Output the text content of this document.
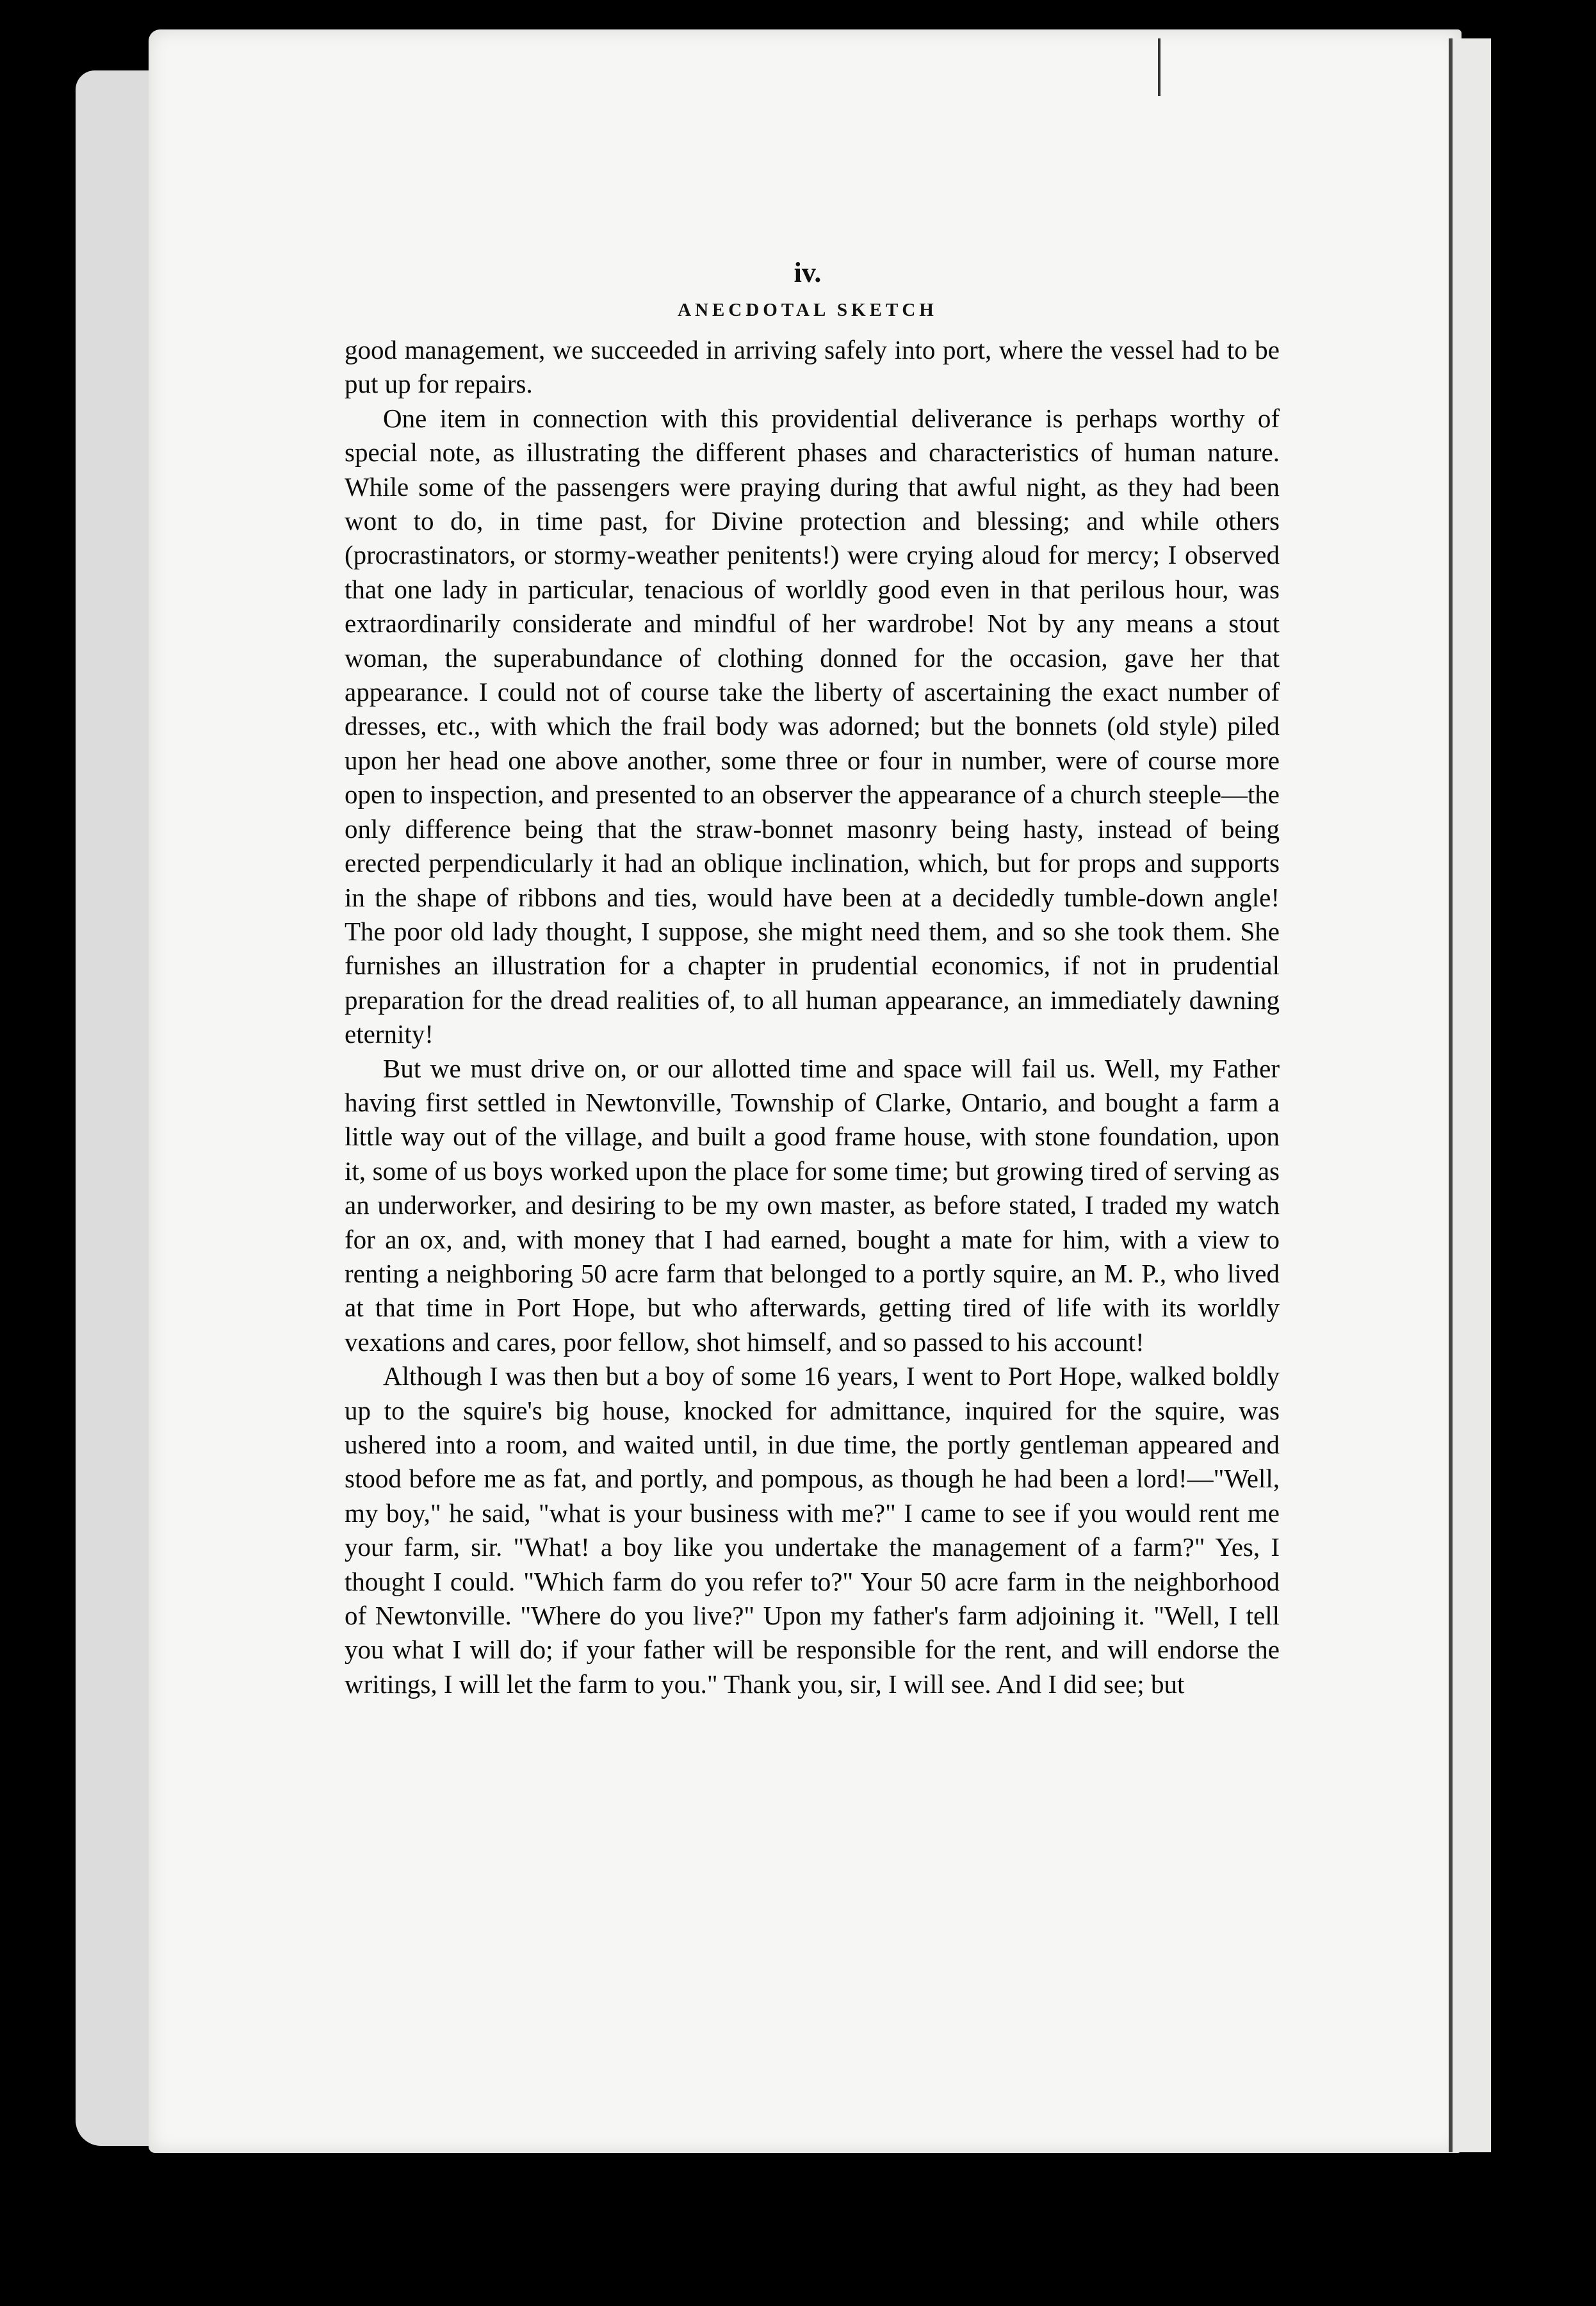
iv.
ANECDOTAL SKETCH

good management, we succeeded in arriving safely into port, where the vessel had to be put up for repairs.

One item in connection with this providential deliverance is perhaps worthy of special note, as illustrating the different phases and characteristics of human nature. While some of the passengers were praying during that awful night, as they had been wont to do, in time past, for Divine protection and blessing; and while others (procrastinators, or stormy-weather penitents!) were crying aloud for mercy; I observed that one lady in particular, tenacious of worldly good even in that perilous hour, was extraordinarily considerate and mindful of her wardrobe! Not by any means a stout woman, the superabundance of clothing donned for the occasion, gave her that appearance. I could not of course take the liberty of ascertaining the exact number of dresses, etc., with which the frail body was adorned; but the bonnets (old style) piled upon her head one above another, some three or four in number, were of course more open to inspection, and presented to an observer the appearance of a church steeple—the only difference being that the straw-bonnet masonry being hasty, instead of being erected perpendicularly it had an oblique inclination, which, but for props and supports in the shape of ribbons and ties, would have been at a decidedly tumble-down angle! The poor old lady thought, I suppose, she might need them, and so she took them. She furnishes an illustration for a chapter in prudential economics, if not in prudential preparation for the dread realities of, to all human appearance, an immediately dawning eternity!

But we must drive on, or our allotted time and space will fail us. Well, my Father having first settled in Newtonville, Township of Clarke, Ontario, and bought a farm a little way out of the village, and built a good frame house, with stone foundation, upon it, some of us boys worked upon the place for some time; but growing tired of serving as an underworker, and desiring to be my own master, as before stated, I traded my watch for an ox, and, with money that I had earned, bought a mate for him, with a view to renting a neighboring 50 acre farm that belonged to a portly squire, an M. P., who lived at that time in Port Hope, but who afterwards, getting tired of life with its worldly vexations and cares, poor fellow, shot himself, and so passed to his account!

Although I was then but a boy of some 16 years, I went to Port Hope, walked boldly up to the squire's big house, knocked for admittance, inquired for the squire, was ushered into a room, and waited until, in due time, the portly gentleman appeared and stood before me as fat, and portly, and pompous, as though he had been a lord!—"Well, my boy," he said, "what is your business with me?" I came to see if you would rent me your farm, sir. "What! a boy like you undertake the management of a farm?" Yes, I thought I could. "Which farm do you refer to?" Your 50 acre farm in the neighborhood of Newtonville. "Where do you live?" Upon my father's farm adjoining it. "Well, I tell you what I will do; if your father will be responsible for the rent, and will endorse the writings, I will let the farm to you." Thank you, sir, I will see. And I did see; but
